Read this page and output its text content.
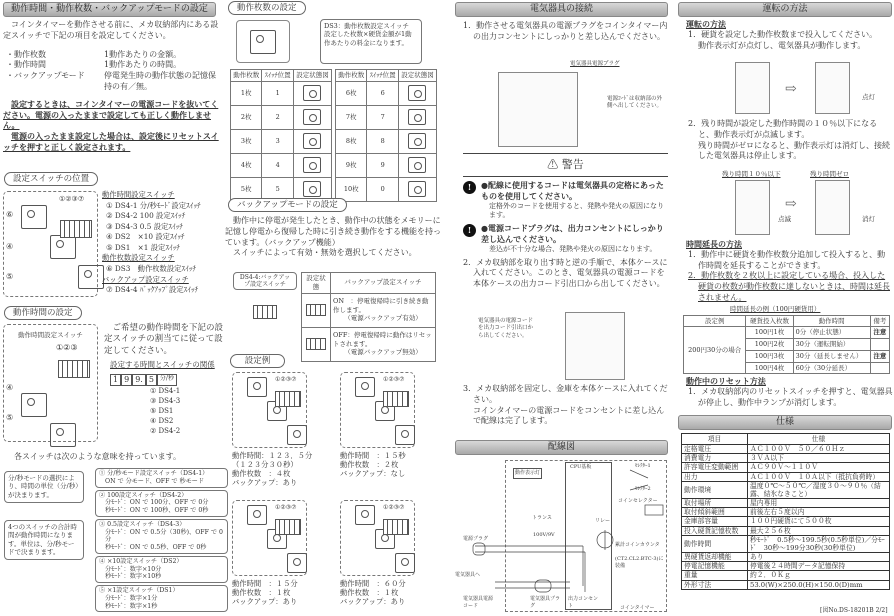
動作時間・動作枚数・バックアップモードの設定
コインタイマーを動作させる前に、メカ収納部内にある設定スイッチで下記の項目を設定してください。
・動作枚数	1動作あたりの金額。
・動作時間	1動作あたりの時間。
・バックアップモード	停電発生時の動作状態の記憶保持の有／無。
設定するときは、コインタイマーの電源コードを抜いてください。電源の入ったままで設定しても正しく動作しません。
電源の入ったまま設定した場合は、設定後にリセットスイッチを押すと正しく設定されます。
設定スイッチの位置
⑥
④
⑤

①②③⑦ 動作時間設定スイッチ
① DS4-1 分/秒ﾓｰﾄﾞ設定ｽｲｯﾁ
② DS4-2 100 設定ｽｲｯﾁ
③ DS4-3 0.5 設定ｽｲｯﾁ
④ DS2　×10 設定ｽｲｯﾁ
⑤ DS1　×1 設定ｽｲｯﾁ
動作枚数設定スイッチ
⑥ DS3　動作枚数設定ｽｲｯﾁ
バックアップ設定スイッチ
⑦ DS4-4 ﾊﾞｯｸｱｯﾌﾟ設定ｽｲｯﾁ
動作時間の設定
動作時間設定スイッチ
①②③
④
⑤

ご希望の動作時間を下記の設定スイッチの割当てに従って設定してください。
設定する時間とスイッチの関係
1 9 9. 5	分/秒
① DS4-1
③ DS4-3
⑤ DS1
④ DS2
② DS4-2
各スイッチは次のような意味を持っています。
分/秒モードの選択により、時間の単位（分/秒）が決まります。
4つのスイッチの合計時間が動作時間になります。単位は、分/秒モードで決まります。
① 分/秒モード設定スイッチ（DS4-1）
ON で 分モード、OFF で 秒モード
② 100設定スイッチ（DS4-2）
分ﾓｰﾄﾞ：ON で 100分、OFF で 0分
秒ﾓｰﾄﾞ：ON で 100秒、OFF で 0秒
③ 0.5設定スイッチ（DS4-3）
分ﾓｰﾄﾞ：ON で 0.5分（30秒)、OFF で 0分
秒ﾓｰﾄﾞ：ON で 0.5秒、OFF で 0秒
④ ×10設定スイッチ（DS2）
分ﾓｰﾄﾞ：数字×10分
秒ﾓｰﾄﾞ：数字×10秒
⑤ ×1設定スイッチ（DS1）
分ﾓｰﾄﾞ：数字×1分
秒ﾓｰﾄﾞ：数字×1秒
動作枚数の設定
DS3：動作枚数設定スイッチ　設定した枚数×硬貨金額が1動作あたりの料金になります。
動作枚数	ｽｲｯﾁ位置	設定状態図
1枚	1	
2枚	2	
3枚	3	
4枚	4	
5枚	5	
動作枚数	ｽｲｯﾁ位置	設定状態図
6枚	6	
7枚	7	
8枚	8	
9枚	9	
10枚	0	
バックアップモードの設定
動作中に停電が発生したとき、動作中の状態をメモリーに記憶し停電から復帰した時に引き続き動作をする機能を持っています。（バックアップ機能）
スイッチによって有効・無効を選択してください。
DS4-4:バックアップ設定スイッチ
設定状態	バックアップ設定スイッチ

	ON　：停電復帰時に引き続き動作します。
（電源バックアップ有効）

	OFF：停電復帰時に動作はリセットされます。
（電源バックアップ無効）
設定例
①②③⑦
動作時間：１２３．５分
（１２３分３０秒）
動作枚数　：４枚
バックアップ：あり
①②③⑦
動作時間　：１５秒
動作枚数　：２枚
バックアップ：なし
①②③⑦
動作時間　：１５分
動作枚数　：１枚
バックアップ：あり
①②③⑦
動作時間　：６０分
動作枚数　：１枚
バックアップ：あり
電気器具の接続
1．動作させる電気器具の電源プラグをコインタイマー内の出力コンセントにしっかりと差し込んでください。
電気器具電源プラグ
電源ｺｰﾄﾞは収納部の外側へ出してください。
⚠ 警告
!	●配線に使用するコードは電気器具の定格にあったものを使用してください。
定格外のコードを使用すると、発熱や発火の原因になります。
!	●電源コードプラグは、出力コンセントにしっかり差し込んでください。
差込が不十分な場合、発熱や発火の原因になります。
2．メカ収納部を取り出す時と逆の手順で、本体ケースに入れてください。このとき、電気器具の電源コードを本体ケースの出力コード引出口から出してください。
電気器具の電源コードを出力コード引出口から出してください。
3．メカ収納部を固定し、金庫を本体ケースに入れてください。
コインタイマーの電源コードをコンセントに差し込んで配線は完了します。
配線図
CPU基板
動作表示灯
ｾﾚｸﾀｰ1
ｾﾚｸﾀｰ2
コインセレクター
トランス
100V/9V
リレー
累計コインカウンタ
(CT2.CL2.BTC-3)に装備
電源プラグ
電気器具へ
電気器具電源コード
電気器具プラグ
出力コンセント	コインタイマー
運転の方法
運転の方法
1．硬貨を設定した動作枚数まで投入してください。
動作表示灯が点灯し、電気器具が動作します。
⇨	点灯
2．残り時間が設定した動作時間の１０％以下になると、動作表示灯が点滅します。
残り時間がゼロになると、動作表示灯は消灯し、接続した電気器具は停止します。
残り時間１０％以下	残り時間ゼロ
⇨
点滅	消灯
時間延長の方法
1．動作中に硬貨を動作枚数分追加して投入すると、動作時間を延長することができます。
2．動作枚数を２枚以上に設定している場合、投入した硬貨の枚数が動作枚数に達しないときは、時間は延長されません。
時間延長の例（100円硬貨用）
設定例	硬貨投入枚数	動作時間	備考
200円30分の場合	100円1枚	0分（停止状態）	注意
	100円2枚	30分（運転開始）	
	100円3枚	30分（延長しません）	注意
	100円4枚	60分（30分延長）	
動作中のリセット方法
1．メカ収納部内のリセットスイッチを押すと、電気器具が停止し、動作中ランプが消灯します。
仕様
項目	仕様
定格電圧	ＡＣ１００Ｖ　５０／６０Ｈｚ
消費電力	３ＶＡ以下
許容電圧変動範囲	ＡＣ９０Ｖ～１１０Ｖ
出力	ＡＣ１００Ｖ　１０Ａ以下（抵抗負荷時）
動作環境	温度０℃～５０℃／湿度３０～９０％（結露、結氷なきこと）
取付場所	屋内専用
取付傾斜範囲	前後左右５度以内
金庫部容量	１００円硬貨にて５００枚
投入硬貨記憶枚数	最大２５６枚
動作時間	秒ﾓｰﾄﾞ　0.5秒～199.5秒(0.5秒単位)／分ﾓｰﾄﾞ　30秒～199分30秒(30秒単位)
異硬貨返却機能	あり
停電記憶機能	停電後２４時間データ記憶保持
重量	約２．０Ｋｇ
外形寸法	53.0(W)×250.0(H)×150.0(D)mm
[図No.DS-18201B 2/2]
